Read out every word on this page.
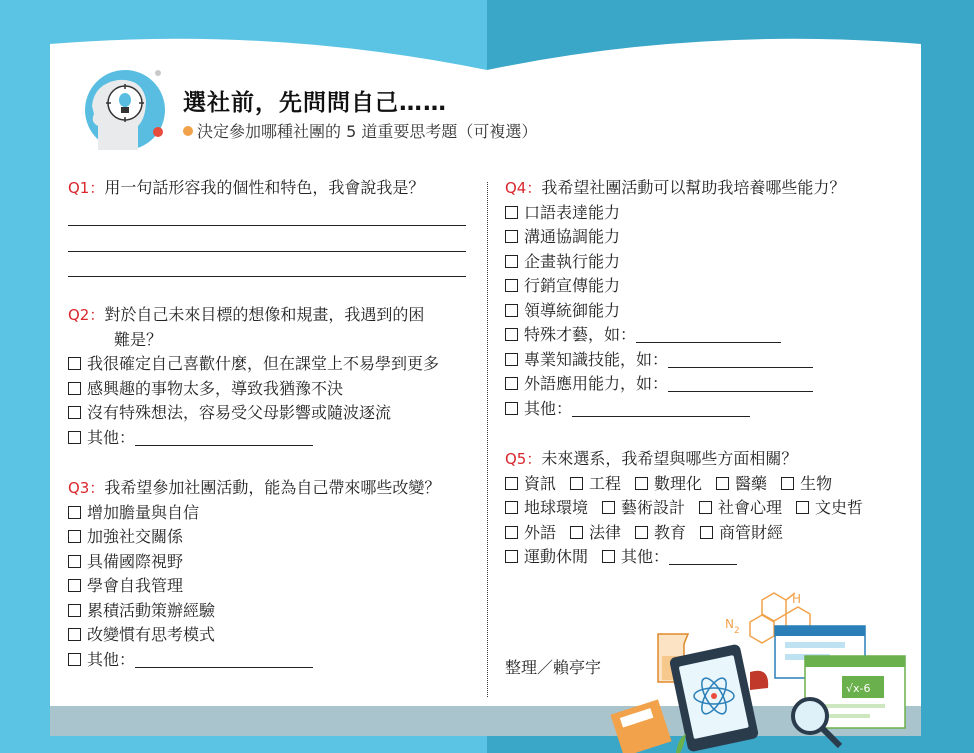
選社前，先問問自己……
決定參加哪種社團的 5 道重要思考題（可複選）
Q1：用一句話形容我的個性和特色，我會說我是？
Q2：對於自己未來目標的想像和規畫，我遇到的困
難是？
我很確定自己喜歡什麼，但在課堂上不易學到更多
感興趣的事物太多，導致我猶豫不決
沒有特殊想法，容易受父母影響或隨波逐流
其他：
Q3：我希望參加社團活動，能為自己帶來哪些改變？
增加膽量與自信
加強社交關係
具備國際視野
學會自我管理
累積活動策辦經驗
改變慣有思考模式
其他：
Q4：我希望社團活動可以幫助我培養哪些能力？
口語表達能力
溝通協調能力
企畫執行能力
行銷宣傳能力
領導統御能力
特殊才藝，如：
專業知識技能，如：
外語應用能力，如：
其他：
Q5：未來選系，我希望與哪些方面相關？
資訊 工程 數理化 醫藥 生物
地球環境 藝術設計 社會心理 文史哲
外語 法律 教育 商管財經
運動休閒 其他：
整理／賴亭宇
H
N 2
√x-6
